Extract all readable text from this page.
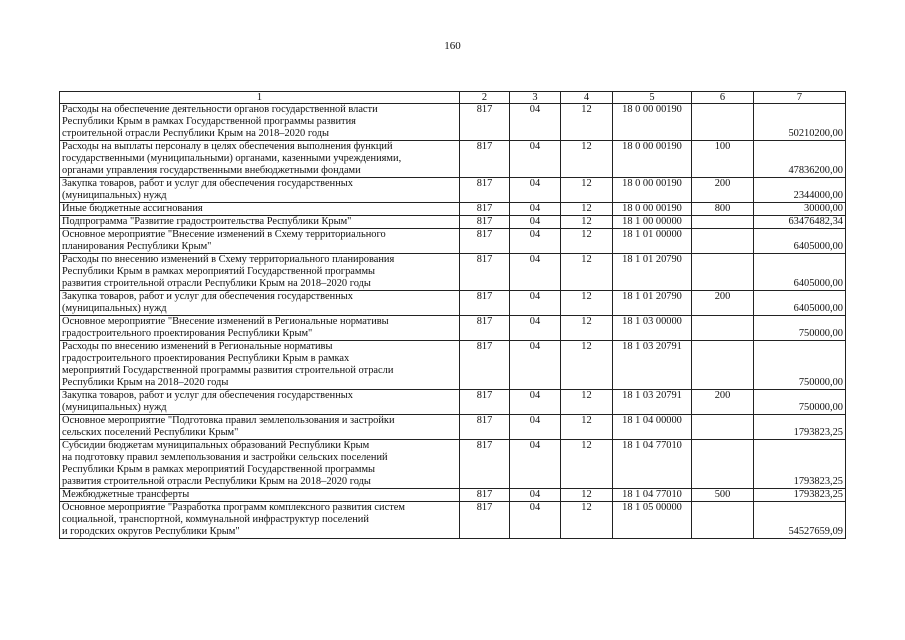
160
1	2	3	4	5	6	7
Расходы на обеспечение деятельности органов государственной власти
Республики Крым в рамках Государственной программы развития
строительной отрасли Республики Крым на 2018–2020 годы	817	04	12	18 0 00 00190		50210200,00
Расходы на выплаты персоналу в целях обеспечения выполнения функций
государственными (муниципальными) органами, казенными учреждениями,
органами управления государственными внебюджетными фондами	817	04	12	18 0 00 00190	100	47836200,00
Закупка товаров, работ и услуг для обеспечения государственных
(муниципальных) нужд	817	04	12	18 0 00 00190	200	2344000,00
Иные бюджетные ассигнования	817	04	12	18 0 00 00190	800	30000,00
Подпрограмма "Развитие градостроительства Республики Крым"	817	04	12	18 1 00 00000		63476482,34
Основное мероприятие "Внесение изменений в Схему территориального
планирования Республики Крым"	817	04	12	18 1 01 00000		6405000,00
Расходы по внесению изменений в Схему территориального планирования
Республики Крым в рамках мероприятий Государственной программы
развития строительной отрасли Республики Крым на 2018–2020 годы	817	04	12	18 1 01 20790		6405000,00
Закупка товаров, работ и услуг для обеспечения государственных
(муниципальных) нужд	817	04	12	18 1 01 20790	200	6405000,00
Основное мероприятие "Внесение изменений в Региональные нормативы
градостроительного проектирования Республики Крым"	817	04	12	18 1 03 00000		750000,00
Расходы по внесению изменений в Региональные нормативы
градостроительного проектирования Республики Крым в рамках
мероприятий Государственной программы развития строительной отрасли
Республики Крым на 2018–2020 годы	817	04	12	18 1 03 20791		750000,00
Закупка товаров, работ и услуг для обеспечения государственных
(муниципальных) нужд	817	04	12	18 1 03 20791	200	750000,00
Основное мероприятие "Подготовка правил землепользования и застройки
сельских поселений Республики Крым"	817	04	12	18 1 04 00000		1793823,25
Субсидии бюджетам муниципальных образований Республики Крым
на подготовку правил землепользования и застройки сельских поселений
Республики Крым в рамках мероприятий Государственной программы
развития строительной отрасли Республики Крым на 2018–2020 годы	817	04	12	18 1 04 77010		1793823,25
Межбюджетные трансферты	817	04	12	18 1 04 77010	500	1793823,25
Основное мероприятие "Разработка программ комплексного развития систем
социальной, транспортной, коммунальной инфраструктур поселений
и городских округов Республики Крым"	817	04	12	18 1 05 00000		54527659,09
